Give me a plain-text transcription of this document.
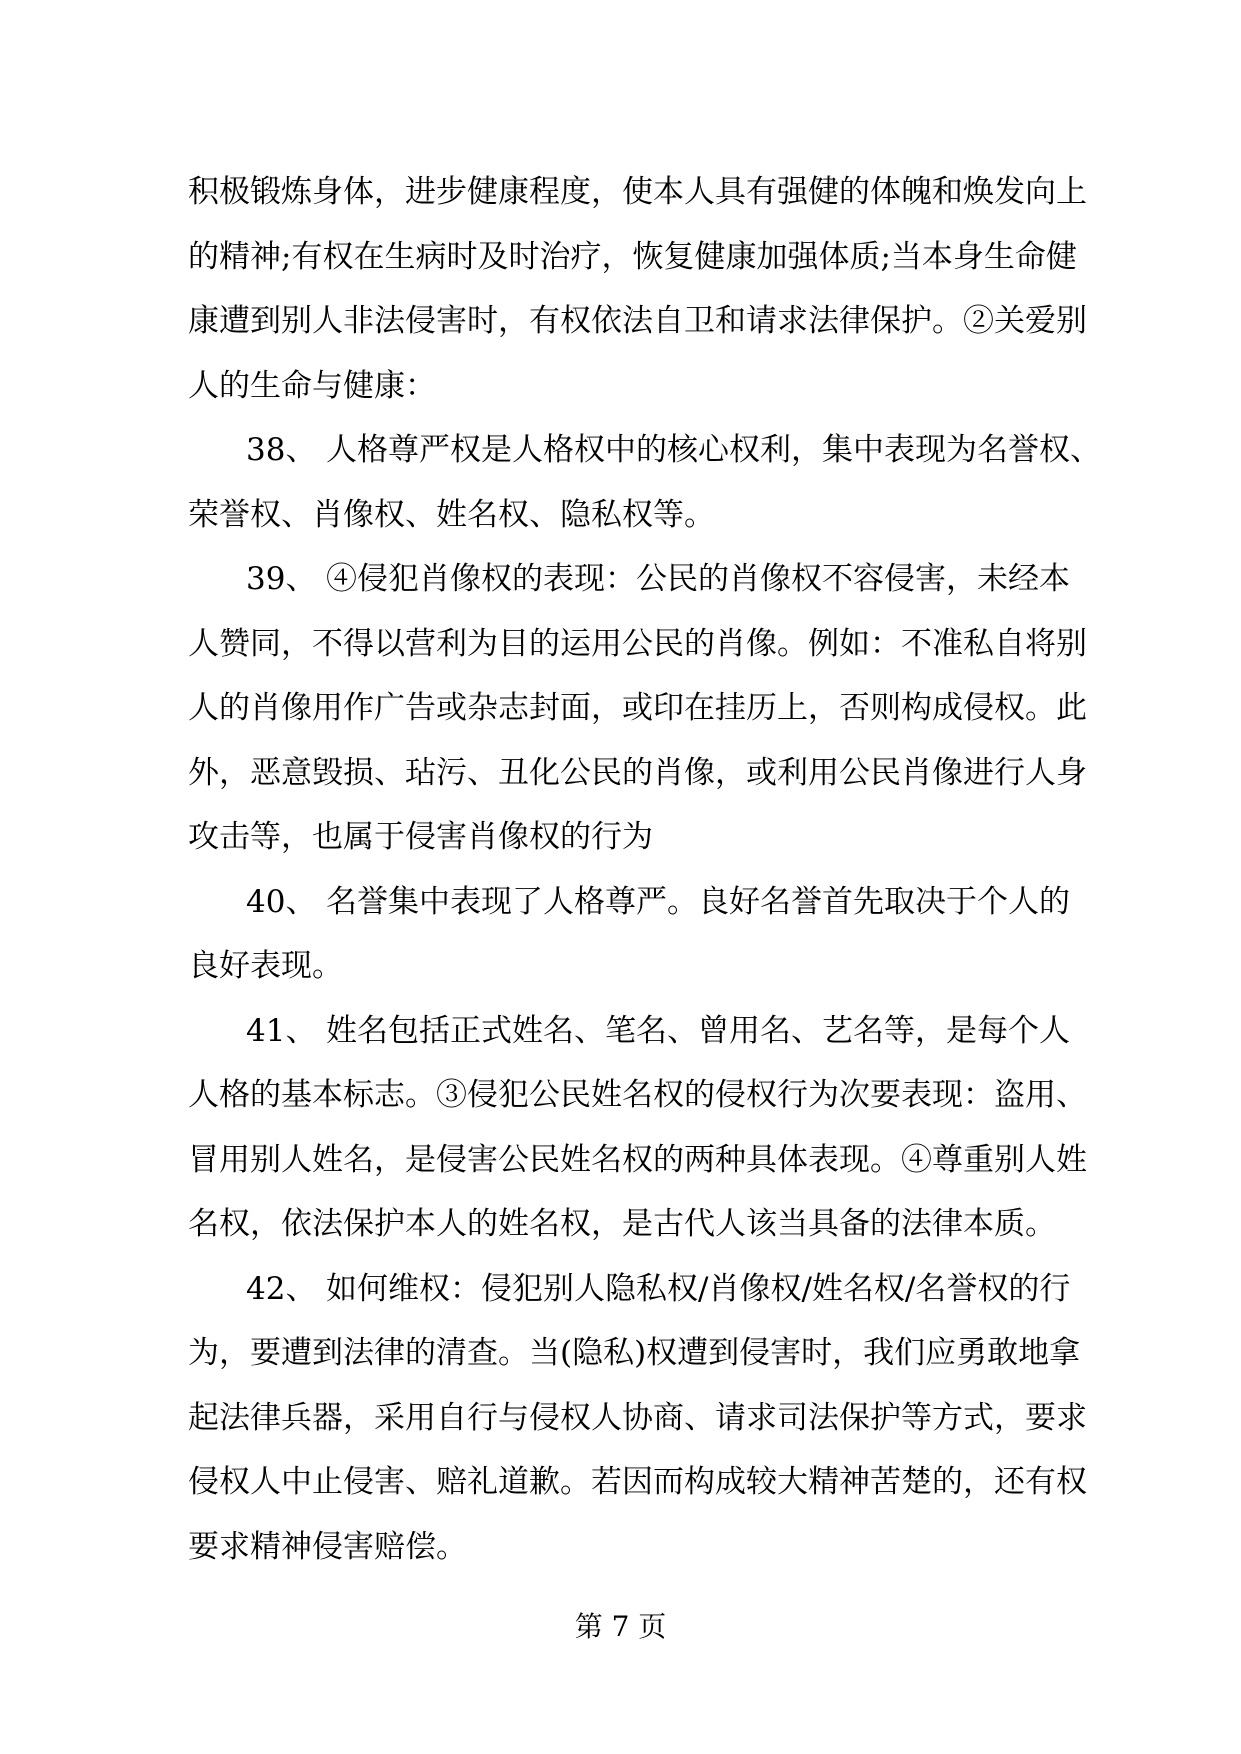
积极锻炼身体，进步健康程度，使本人具有强健的体魄和焕发向上
的精神;有权在生病时及时治疗，恢复健康加强体质;当本身生命健
康遭到别人非法侵害时，有权依法自卫和请求法律保护。②关爱别
人的生命与健康：
38、 人格尊严权是人格权中的核心权利，集中表现为名誉权、
荣誉权、肖像权、姓名权、隐私权等。
39、 ④侵犯肖像权的表现：公民的肖像权不容侵害，未经本
人赞同，不得以营利为目的运用公民的肖像。例如：不准私自将别
人的肖像用作广告或杂志封面，或印在挂历上，否则构成侵权。此
外，恶意毁损、玷污、丑化公民的肖像，或利用公民肖像进行人身
攻击等，也属于侵害肖像权的行为
40、 名誉集中表现了人格尊严。良好名誉首先取决于个人的
良好表现。
41、 姓名包括正式姓名、笔名、曾用名、艺名等，是每个人
人格的基本标志。③侵犯公民姓名权的侵权行为次要表现：盗用、
冒用别人姓名，是侵害公民姓名权的两种具体表现。④尊重别人姓
名权，依法保护本人的姓名权，是古代人该当具备的法律本质。
42、 如何维权：侵犯别人隐私权/肖像权/姓名权/名誉权的行
为，要遭到法律的清查。当(隐私)权遭到侵害时，我们应勇敢地拿
起法律兵器，采用自行与侵权人协商、请求司法保护等方式，要求
侵权人中止侵害、赔礼道歉。若因而构成较大精神苦楚的，还有权
要求精神侵害赔偿。
第 7 页
